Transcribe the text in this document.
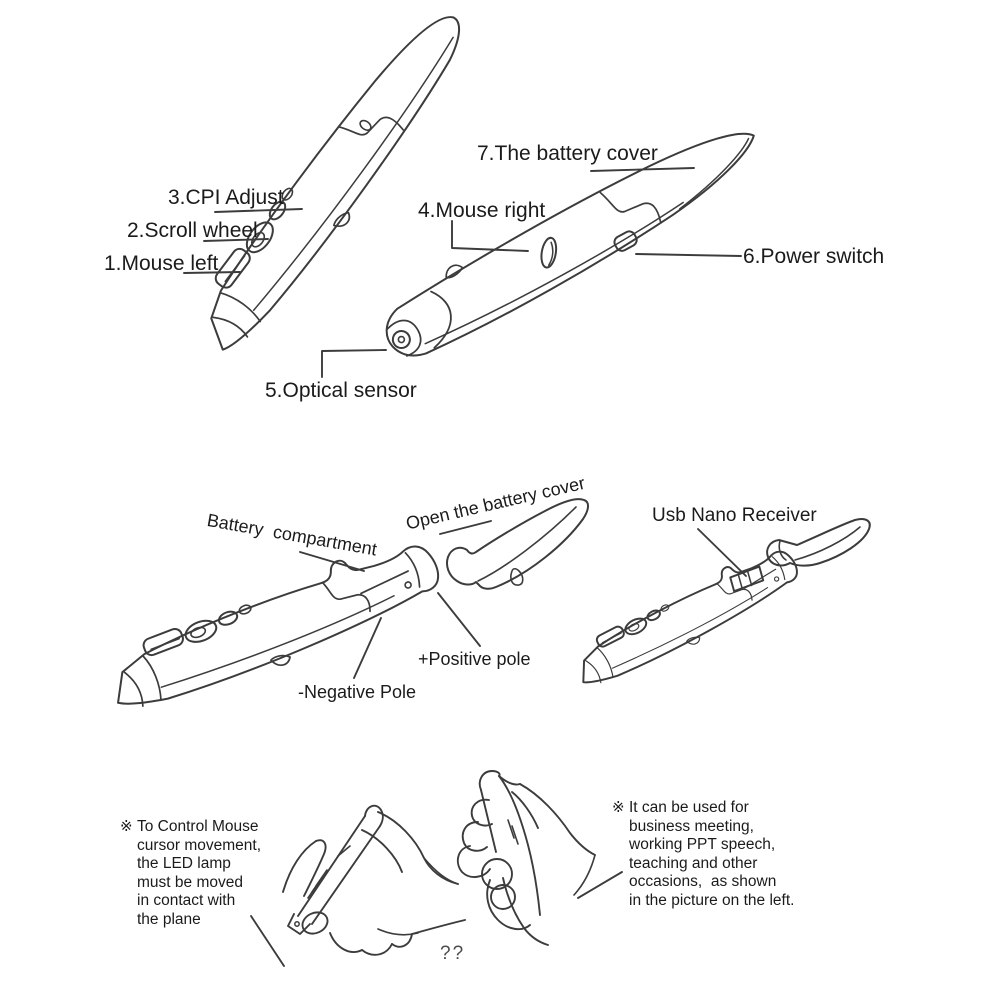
3.CPI Adjust
2.Scroll wheel
1.Mouse left
7.The battery cover
4.Mouse right
6.Power switch
5.Optical sensor
Battery  compartment
Open the battery cover	Usb Nano Receiver
+Positive pole
-Negative Pole
※ To Control Mouse
cursor movement,
the LED lamp
must be moved
in contact with
the plane
※ It can be used for
business meeting,
working PPT speech,
teaching and other
occasions,  as shown
in the picture on the left.
??
